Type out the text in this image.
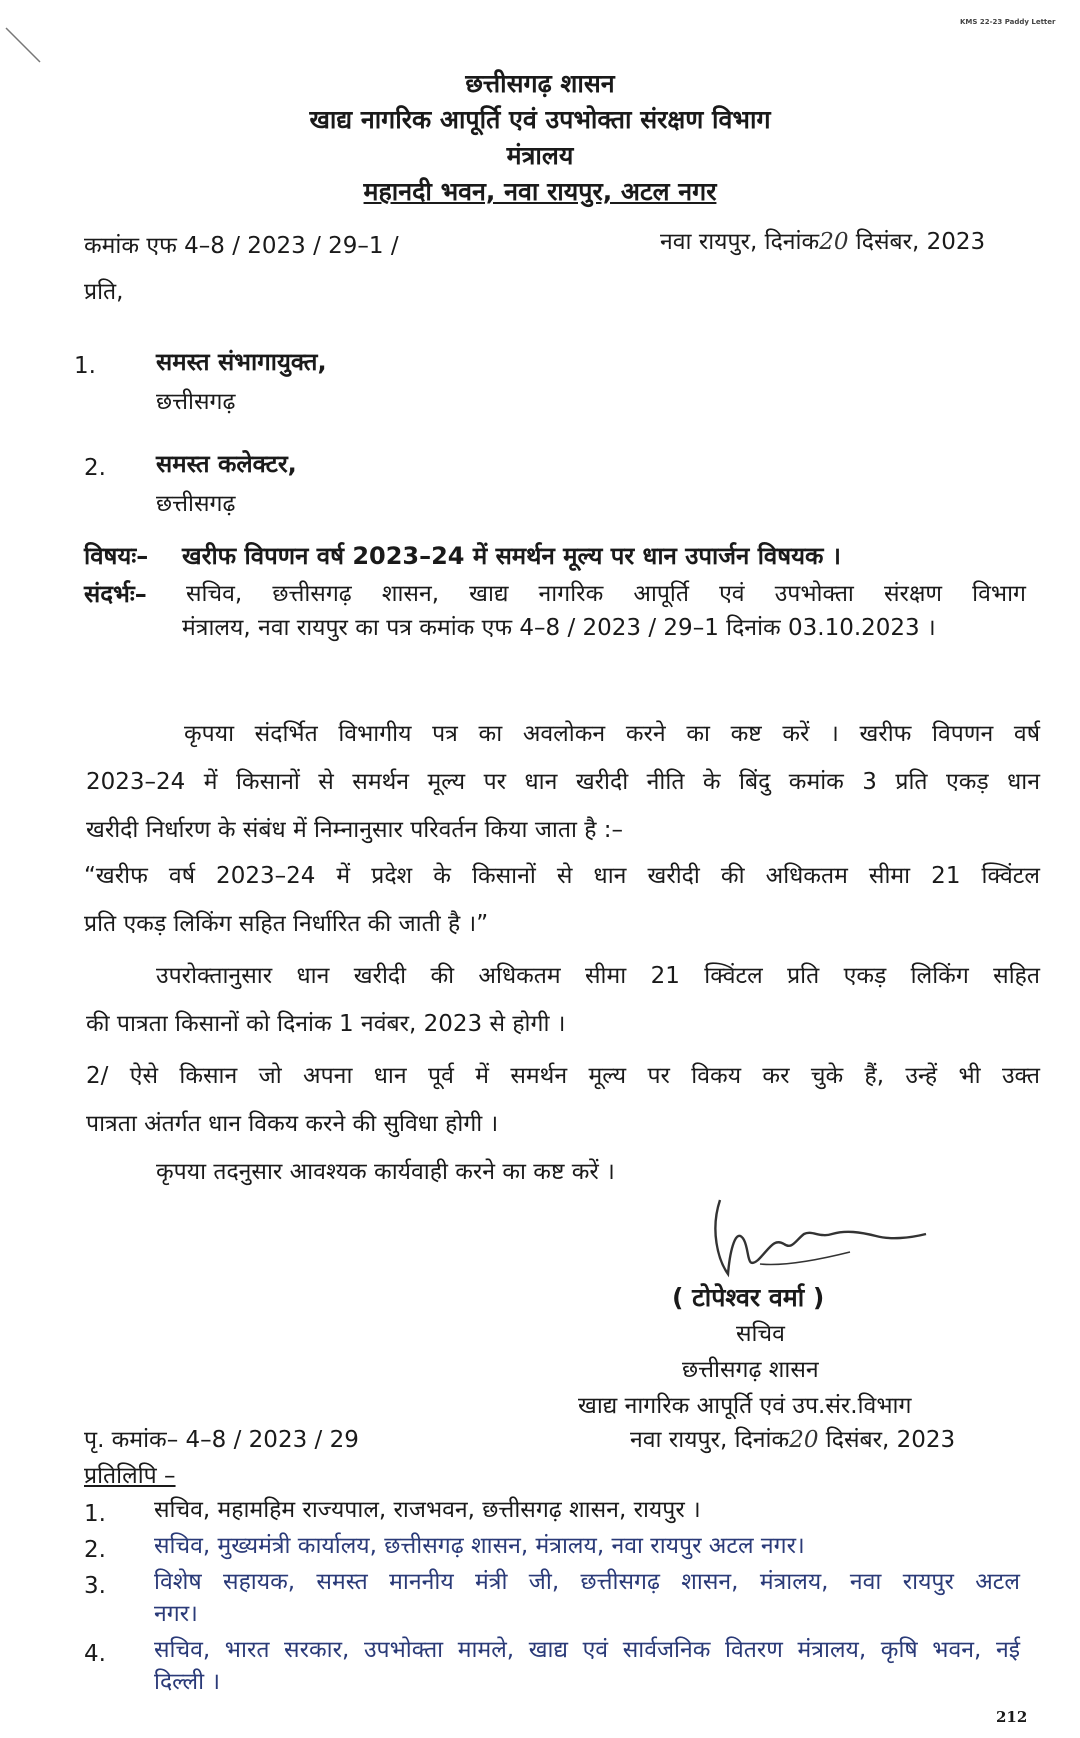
KMS 22-23 Paddy Letter
छत्तीसगढ़ शासन
खाद्य नागरिक आपूर्ति एवं उपभोक्ता संरक्षण विभाग
मंत्रालय
महानदी भवन, नवा रायपुर, अटल नगर
कमांक एफ 4–8 / 2023 / 29–1 /	नवा रायपुर, दिनांक20 दिसंबर, 2023
प्रति,
1.	समस्त संभागायुक्त,
छत्तीसगढ़
2. समस्त कलेक्टर,
छत्तीसगढ़
विषयः– खरीफ विपणन वर्ष 2023–24 में समर्थन मूल्य पर धान उपार्जन विषयक ।
संदर्भः– सचिव, छत्तीसगढ़ शासन, खाद्य नागरिक आपूर्ति एवं उपभोक्ता संरक्षण विभाग
मंत्रालय, नवा रायपुर का पत्र कमांक एफ 4–8 / 2023 / 29–1 दिनांक 03.10.2023 ।
कृपया संदर्भित विभागीय पत्र का अवलोकन करने का कष्ट करें । खरीफ विपणन वर्ष
2023–24 में किसानों से समर्थन मूल्य पर धान खरीदी नीति के बिंदु कमांक 3 प्रति एकड़ धान
खरीदी निर्धारण के संबंध में निम्नानुसार परिवर्तन किया जाता है :–
“खरीफ वर्ष 2023–24 में प्रदेश के किसानों से धान खरीदी की अधिकतम सीमा 21 क्विंटल
प्रति एकड़ लिकिंग सहित निर्धारित की जाती है ।”
उपरोक्तानुसार धान खरीदी की अधिकतम सीमा 21 क्विंटल प्रति एकड़ लिकिंग सहित
की पात्रता किसानों को दिनांक 1 नवंबर, 2023 से होगी ।
2/ ऐसे किसान जो अपना धान पूर्व में समर्थन मूल्य पर विकय कर चुके हैं, उन्हें भी उक्त
पात्रता अंतर्गत धान विकय करने की सुविधा होगी ।
कृपया तदनुसार आवश्यक कार्यवाही करने का कष्ट करें ।
( टोपेश्वर वर्मा )
सचिव
छत्तीसगढ़ शासन
खाद्य नागरिक आपूर्ति एवं उप.संर.विभाग
पृ. कमांक– 4–8 / 2023 / 29	नवा रायपुर, दिनांक20 दिसंबर, 2023
प्रतिलिपि –
1. सचिव, महामहिम राज्यपाल, राजभवन, छत्तीसगढ़ शासन, रायपुर ।
2. सचिव, मुख्यमंत्री कार्यालय, छत्तीसगढ़ शासन, मंत्रालय, नवा रायपुर अटल नगर।
3. विशेष सहायक, समस्त माननीय मंत्री जी, छत्तीसगढ़ शासन, मंत्रालय, नवा रायपुर अटल
नगर।
4. सचिव, भारत सरकार, उपभोक्ता मामले, खाद्य एवं सार्वजनिक वितरण मंत्रालय, कृषि भवन, नई
दिल्ली ।
212
